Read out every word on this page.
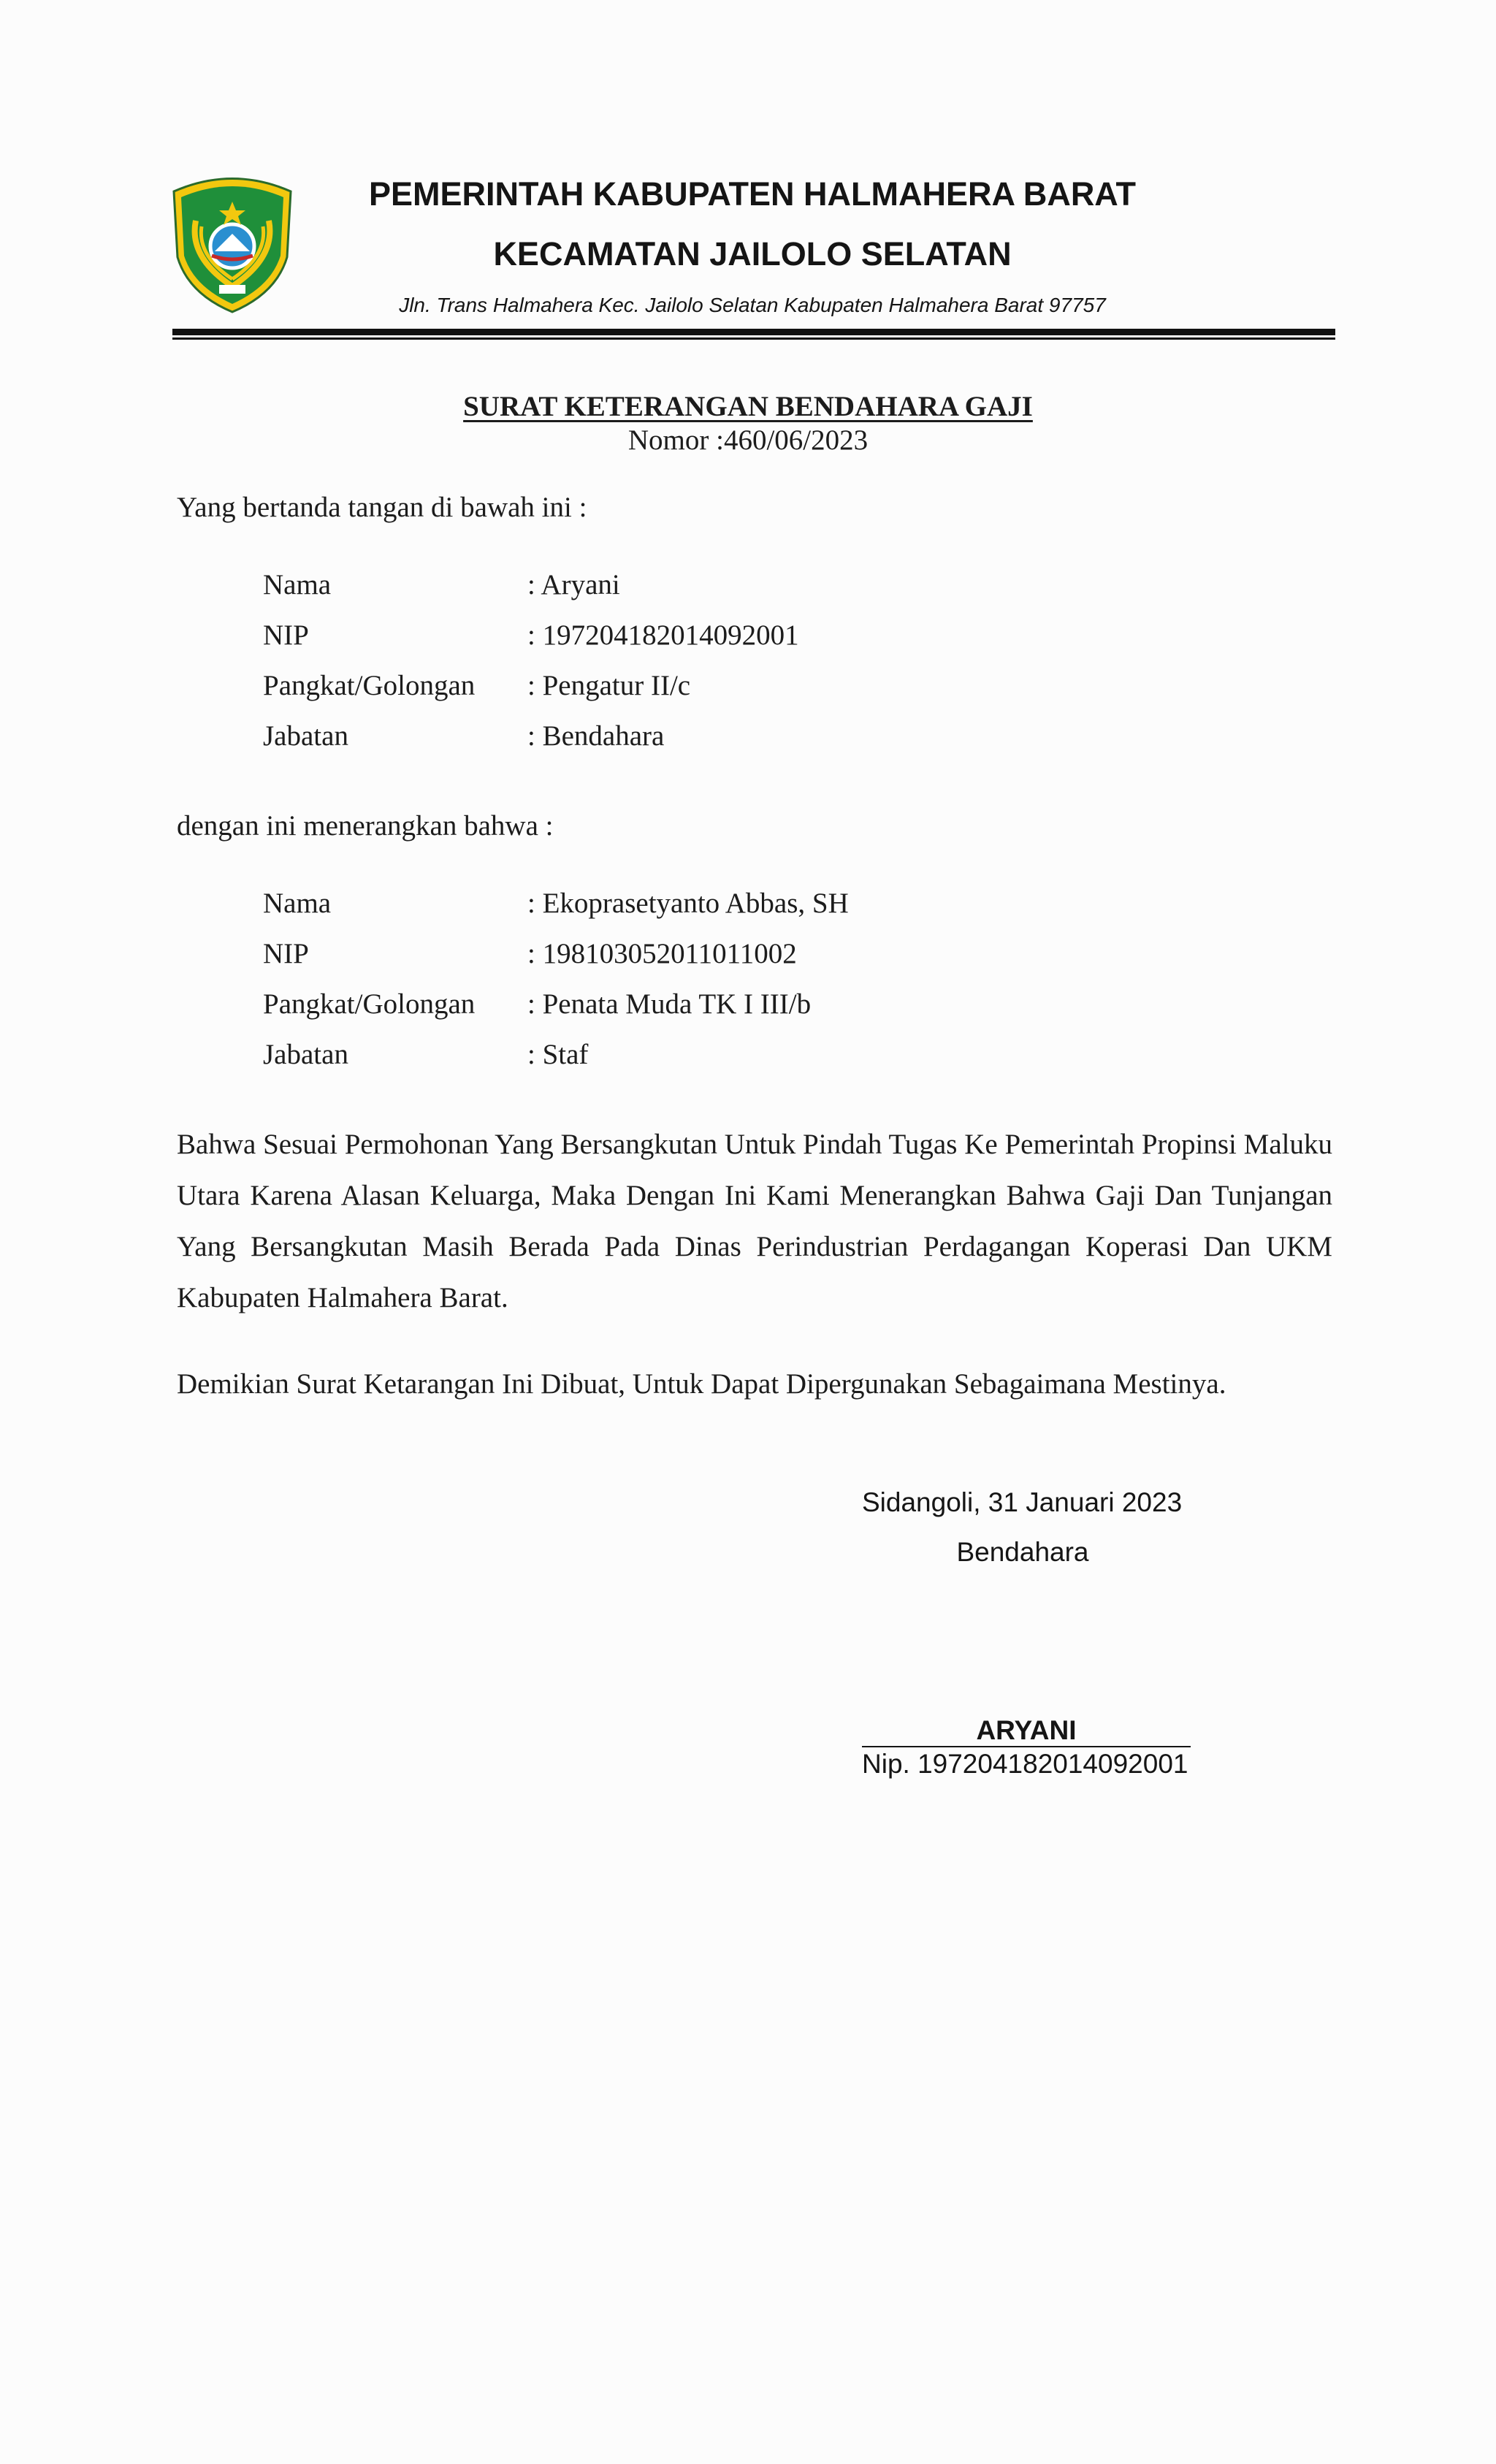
PEMERINTAH KABUPATEN HALMAHERA BARAT
KECAMATAN JAILOLO SELATAN
Jln. Trans Halmahera Kec. Jailolo Selatan Kabupaten Halmahera Barat 97757
SURAT KETERANGAN BENDAHARA GAJI
Nomor :460/06/2023
Yang bertanda tangan di bawah ini :
Nama	: Aryani
NIP	: 197204182014092001
Pangkat/Golongan : Pengatur II/c
Jabatan	: Bendahara
dengan ini menerangkan bahwa :
Nama	: Ekoprasetyanto Abbas, SH
NIP	: 198103052011011002
Pangkat/Golongan : Penata Muda TK I III/b
Jabatan	: Staf
Bahwa Sesuai Permohonan Yang Bersangkutan Untuk Pindah Tugas Ke Pemerintah Propinsi Maluku Utara Karena Alasan Keluarga, Maka Dengan Ini Kami Menerangkan Bahwa Gaji Dan Tunjangan Yang Bersangkutan Masih Berada Pada Dinas Perindustrian Perdagangan Koperasi Dan UKM Kabupaten Halmahera Barat.
Demikian Surat Ketarangan Ini Dibuat, Untuk Dapat Dipergunakan Sebagaimana Mestinya.
Sidangoli, 31 Januari 2023
Bendahara
ARYANI
Nip. 197204182014092001
